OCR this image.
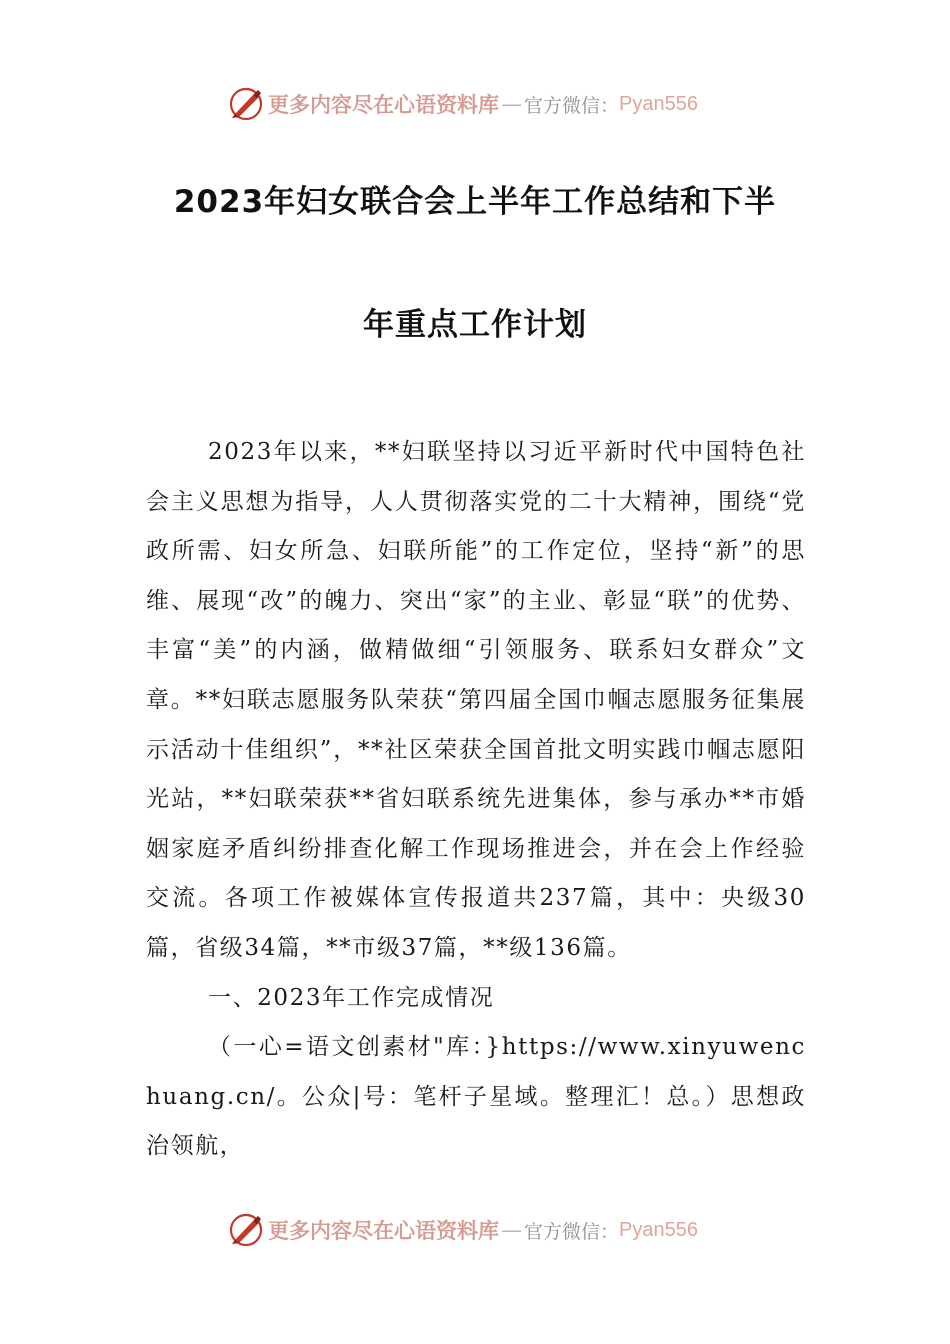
更多内容尽在心语资料库 — 官方微信： Pyan556
2023年妇女联合会上半年工作总结和下半
年重点工作计划

2023年以来，**妇联坚持以习近平新时代中国特色社会主义思想为指导，人人贯彻落实党的二十大精神，围绕“党政所需、妇女所急、妇联所能”的工作定位，坚持“新”的思维、展现“改”的魄力、突出“家”的主业、彰显“联”的优势、丰富“美”的内涵，做精做细“引领服务、联系妇女群众”文章。**妇联志愿服务队荣获“第四届全国巾帼志愿服务征集展示活动十佳组织”，**社区荣获全国首批文明实践巾帼志愿阳光站，**妇联荣获**省妇联系统先进集体，参与承办**市婚姻家庭矛盾纠纷排查化解工作现场推进会，并在会上作经验交流。各项工作被媒体宣传报道共237篇，其中：央级30篇，省级34篇，**市级37篇，**级136篇。

一、2023年工作完成情况

（一心=语文创素材"库：}https://www.xinyuwenchuang.cn/。公众|号：笔杆子星域。整理汇！总。）思想政治领航，

更多内容尽在心语资料库 — 官方微信： Pyan556
